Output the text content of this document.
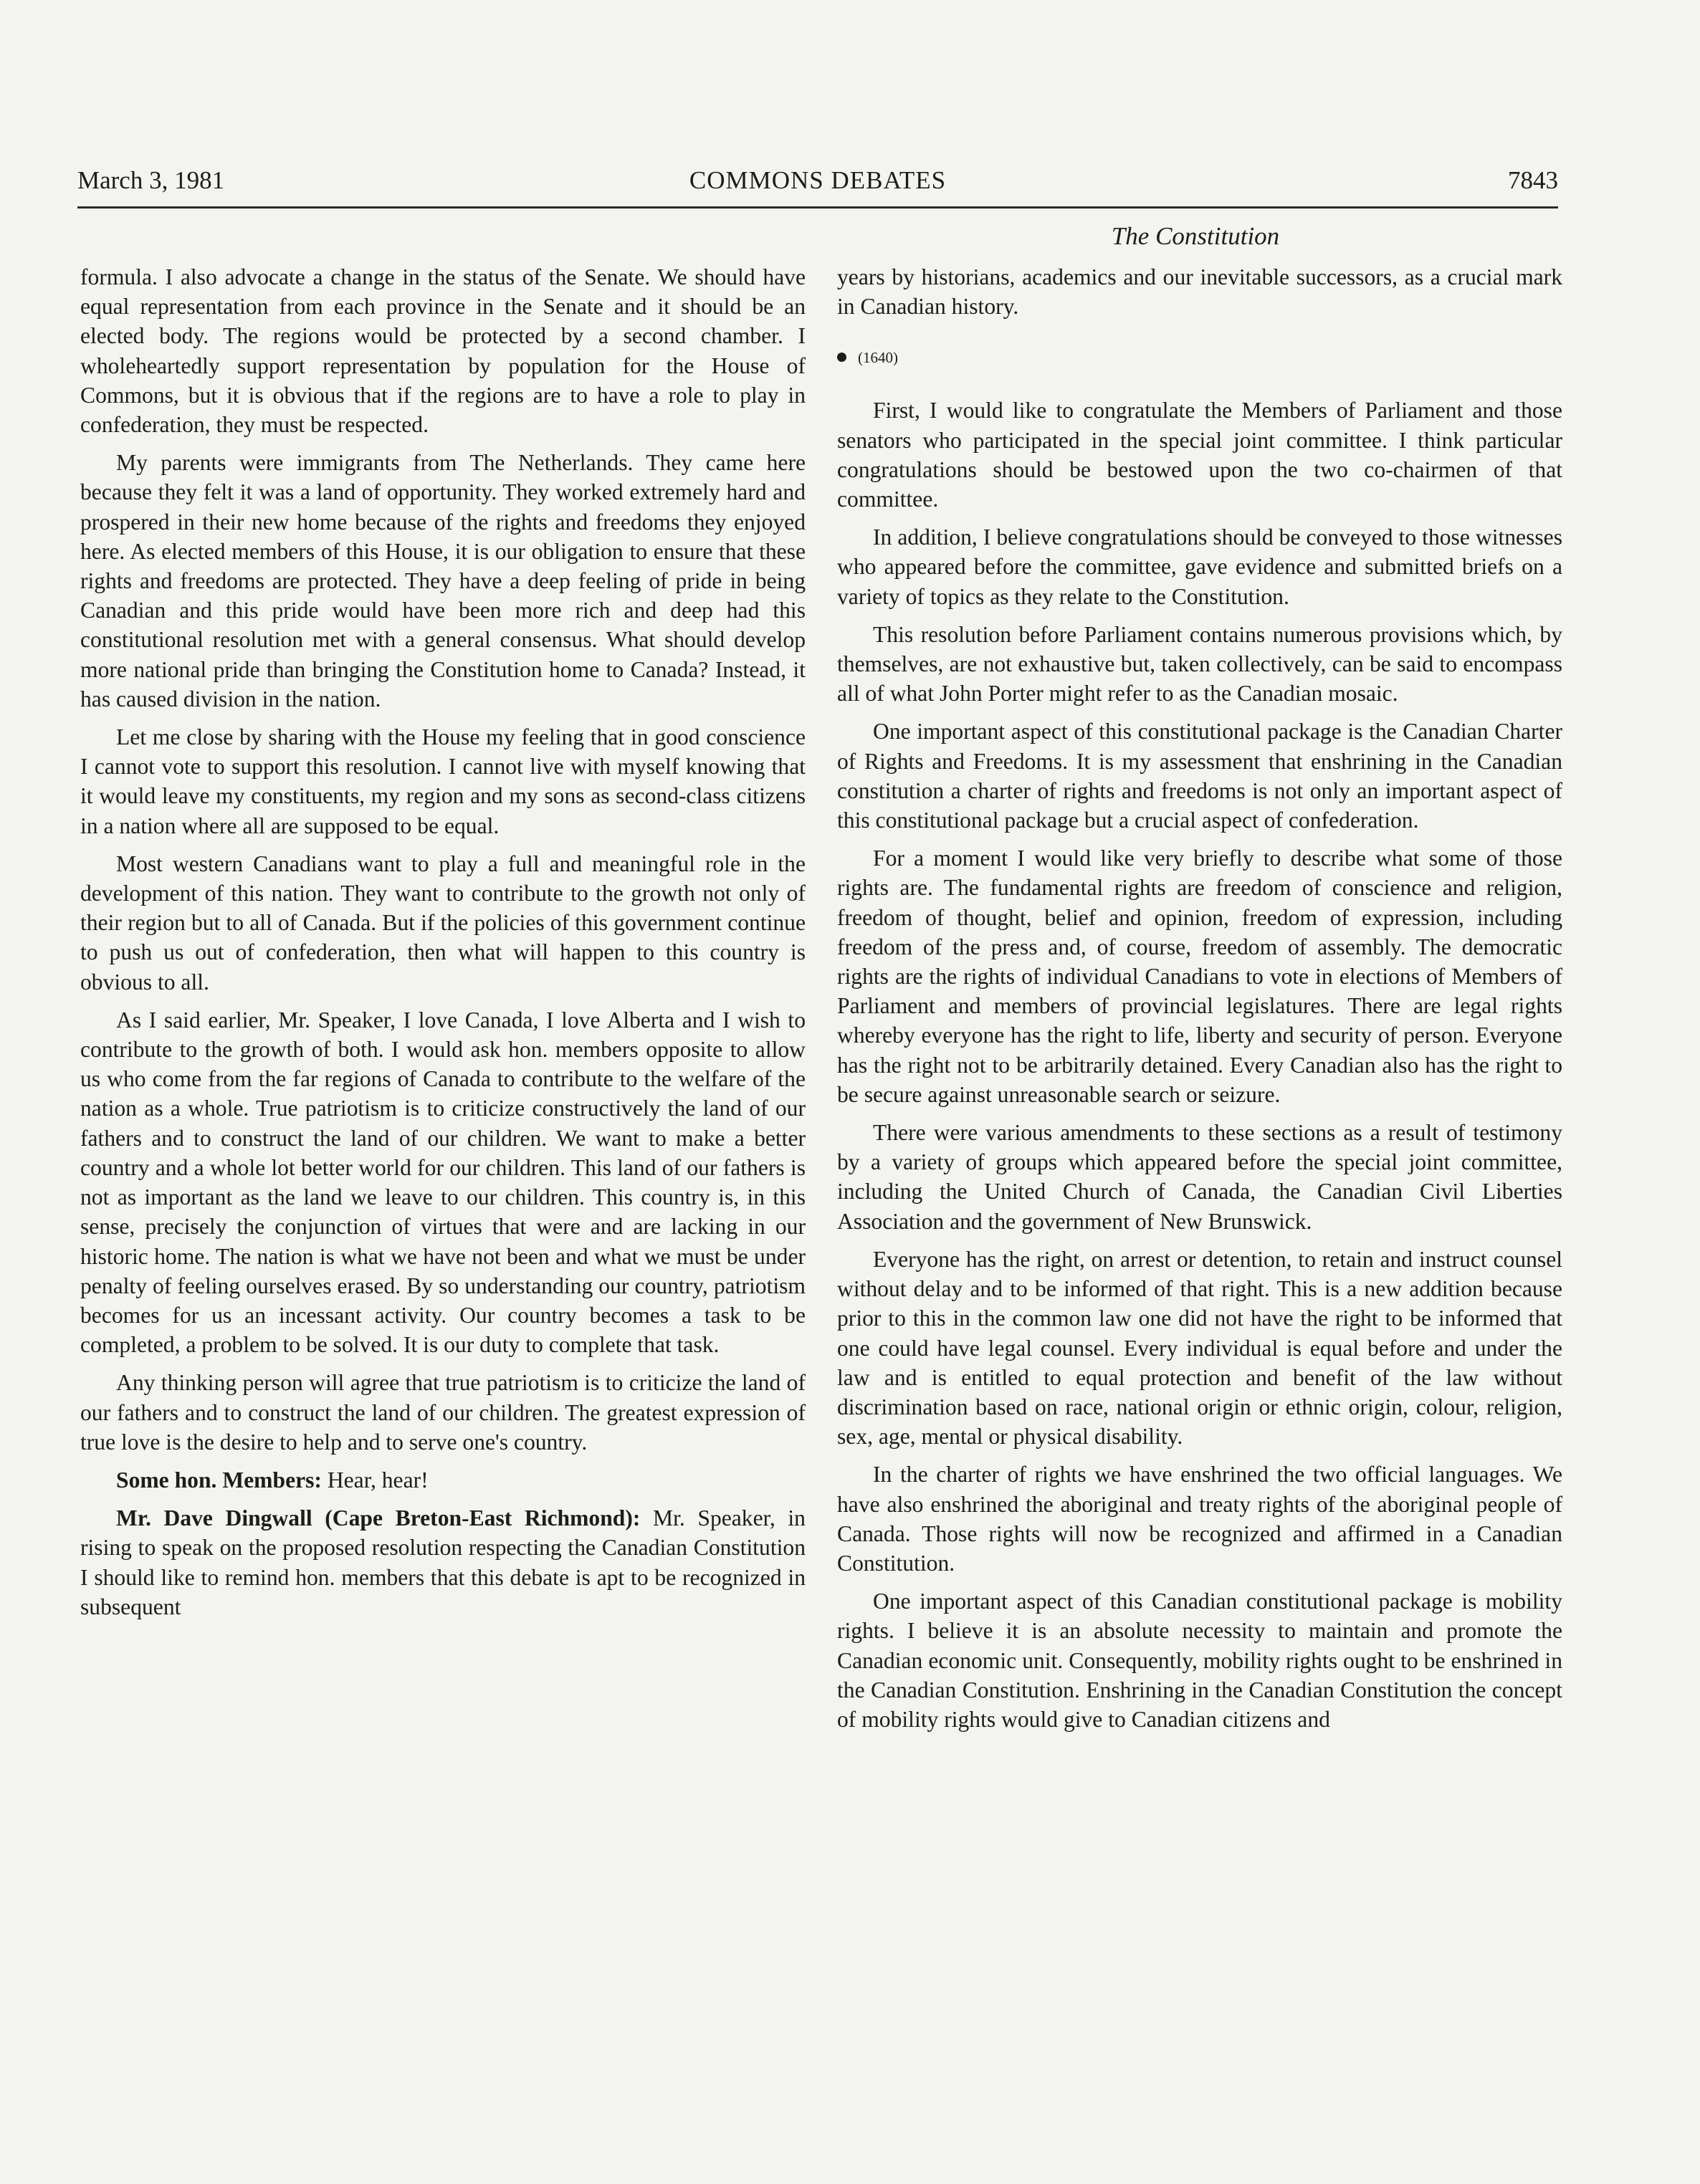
March 3, 1981	COMMONS DEBATES	7843
The Constitution

formula. I also advocate a change in the status of the Senate. We should have equal representation from each province in the Senate and it should be an elected body. The regions would be protected by a second chamber. I wholeheartedly support representation by population for the House of Commons, but it is obvious that if the regions are to have a role to play in confederation, they must be respected.

My parents were immigrants from The Netherlands. They came here because they felt it was a land of opportunity. They worked extremely hard and prospered in their new home because of the rights and freedoms they enjoyed here. As elected members of this House, it is our obligation to ensure that these rights and freedoms are protected. They have a deep feeling of pride in being Canadian and this pride would have been more rich and deep had this constitutional resolution met with a general consensus. What should develop more national pride than bringing the Constitution home to Canada? Instead, it has caused division in the nation.

Let me close by sharing with the House my feeling that in good conscience I cannot vote to support this resolution. I cannot live with myself knowing that it would leave my constituents, my region and my sons as second-class citizens in a nation where all are supposed to be equal.

Most western Canadians want to play a full and meaningful role in the development of this nation. They want to contribute to the growth not only of their region but to all of Canada. But if the policies of this government continue to push us out of confederation, then what will happen to this country is obvious to all.

As I said earlier, Mr. Speaker, I love Canada, I love Alberta and I wish to contribute to the growth of both. I would ask hon. members opposite to allow us who come from the far regions of Canada to contribute to the welfare of the nation as a whole. True patriotism is to criticize constructively the land of our fathers and to construct the land of our children. We want to make a better country and a whole lot better world for our children. This land of our fathers is not as important as the land we leave to our children. This country is, in this sense, precisely the conjunction of virtues that were and are lacking in our historic home. The nation is what we have not been and what we must be under penalty of feeling ourselves erased. By so understanding our country, patriotism becomes for us an incessant activity. Our country becomes a task to be completed, a problem to be solved. It is our duty to complete that task.

Any thinking person will agree that true patriotism is to criticize the land of our fathers and to construct the land of our children. The greatest expression of true love is the desire to help and to serve one's country.

Some hon. Members: Hear, hear!

Mr. Dave Dingwall (Cape Breton-East Richmond): Mr. Speaker, in rising to speak on the proposed resolution respecting the Canadian Constitution I should like to remind hon. members that this debate is apt to be recognized in subsequent

years by historians, academics and our inevitable successors, as a crucial mark in Canadian history.

(1640)

First, I would like to congratulate the Members of Parliament and those senators who participated in the special joint committee. I think particular congratulations should be bestowed upon the two co-chairmen of that committee.

In addition, I believe congratulations should be conveyed to those witnesses who appeared before the committee, gave evidence and submitted briefs on a variety of topics as they relate to the Constitution.

This resolution before Parliament contains numerous provisions which, by themselves, are not exhaustive but, taken collectively, can be said to encompass all of what John Porter might refer to as the Canadian mosaic.

One important aspect of this constitutional package is the Canadian Charter of Rights and Freedoms. It is my assessment that enshrining in the Canadian constitution a charter of rights and freedoms is not only an important aspect of this constitutional package but a crucial aspect of confederation.

For a moment I would like very briefly to describe what some of those rights are. The fundamental rights are freedom of conscience and religion, freedom of thought, belief and opinion, freedom of expression, including freedom of the press and, of course, freedom of assembly. The democratic rights are the rights of individual Canadians to vote in elections of Members of Parliament and members of provincial legislatures. There are legal rights whereby everyone has the right to life, liberty and security of person. Everyone has the right not to be arbitrarily detained. Every Canadian also has the right to be secure against unreasonable search or seizure.

There were various amendments to these sections as a result of testimony by a variety of groups which appeared before the special joint committee, including the United Church of Canada, the Canadian Civil Liberties Association and the government of New Brunswick.

Everyone has the right, on arrest or detention, to retain and instruct counsel without delay and to be informed of that right. This is a new addition because prior to this in the common law one did not have the right to be informed that one could have legal counsel. Every individual is equal before and under the law and is entitled to equal protection and benefit of the law without discrimination based on race, national origin or ethnic origin, colour, religion, sex, age, mental or physical disability.

In the charter of rights we have enshrined the two official languages. We have also enshrined the aboriginal and treaty rights of the aboriginal people of Canada. Those rights will now be recognized and affirmed in a Canadian Constitution.

One important aspect of this Canadian constitutional package is mobility rights. I believe it is an absolute necessity to maintain and promote the Canadian economic unit. Consequently, mobility rights ought to be enshrined in the Canadian Constitution. Enshrining in the Canadian Constitution the concept of mobility rights would give to Canadian citizens and
